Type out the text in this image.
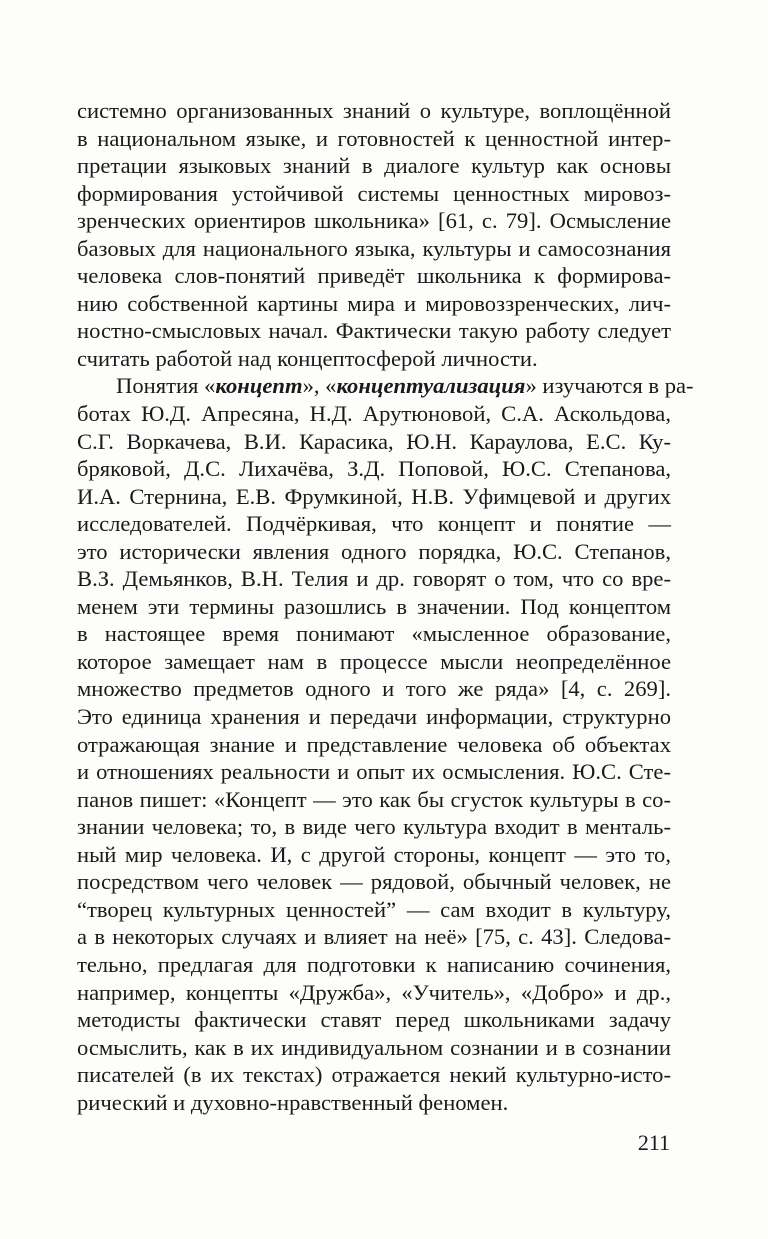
системно организованных знаний о культуре, воплощённой
в национальном языке, и готовностей к ценностной интер-
претации языковых знаний в диалоге культур как основы
формирования устойчивой системы ценностных мировоз-
зренческих ориентиров школьника» [61, с. 79]. Осмысление
базовых для национального языка, культуры и самосознания
человека слов-понятий приведёт школьника к формирова-
нию собственной картины мира и мировоззренческих, лич-
ностно-смысловых начал. Фактически такую работу следует
считать работой над концептосферой личности.
Понятия «концепт», «концептуализация» изучаются в ра-
ботах Ю.Д. Апресяна, Н.Д. Арутюновой, С.А. Аскольдова,
С.Г. Воркачева, В.И. Карасика, Ю.Н. Караулова, Е.С. Ку-
бряковой, Д.С. Лихачёва, З.Д. Поповой, Ю.С. Степанова,
И.А. Стернина, Е.В. Фрумкиной, Н.В. Уфимцевой и других
исследователей. Подчёркивая, что концепт и понятие —
это исторически явления одного порядка, Ю.С. Степанов,
В.З. Демьянков, В.Н. Телия и др. говорят о том, что со вре-
менем эти термины разошлись в значении. Под концептом
в настоящее время понимают «мысленное образование,
которое замещает нам в процессе мысли неопределённое
множество предметов одного и того же ряда» [4, с. 269].
Это единица хранения и передачи информации, структурно
отражающая знание и представление человека об объектах
и отношениях реальности и опыт их осмысления. Ю.С. Сте-
панов пишет: «Концепт — это как бы сгусток культуры в со-
знании человека; то, в виде чего культура входит в менталь-
ный мир человека. И, с другой стороны, концепт — это то,
посредством чего человек — рядовой, обычный человек, не
“творец культурных ценностей” — сам входит в культуру,
а в некоторых случаях и влияет на неё» [75, с. 43]. Следова-
тельно, предлагая для подготовки к написанию сочинения,
например, концепты «Дружба», «Учитель», «Добро» и др.,
методисты фактически ставят перед школьниками задачу
осмыслить, как в их индивидуальном сознании и в сознании
писателей (в их текстах) отражается некий культурно-исто-
рический и духовно-нравственный феномен.
211
